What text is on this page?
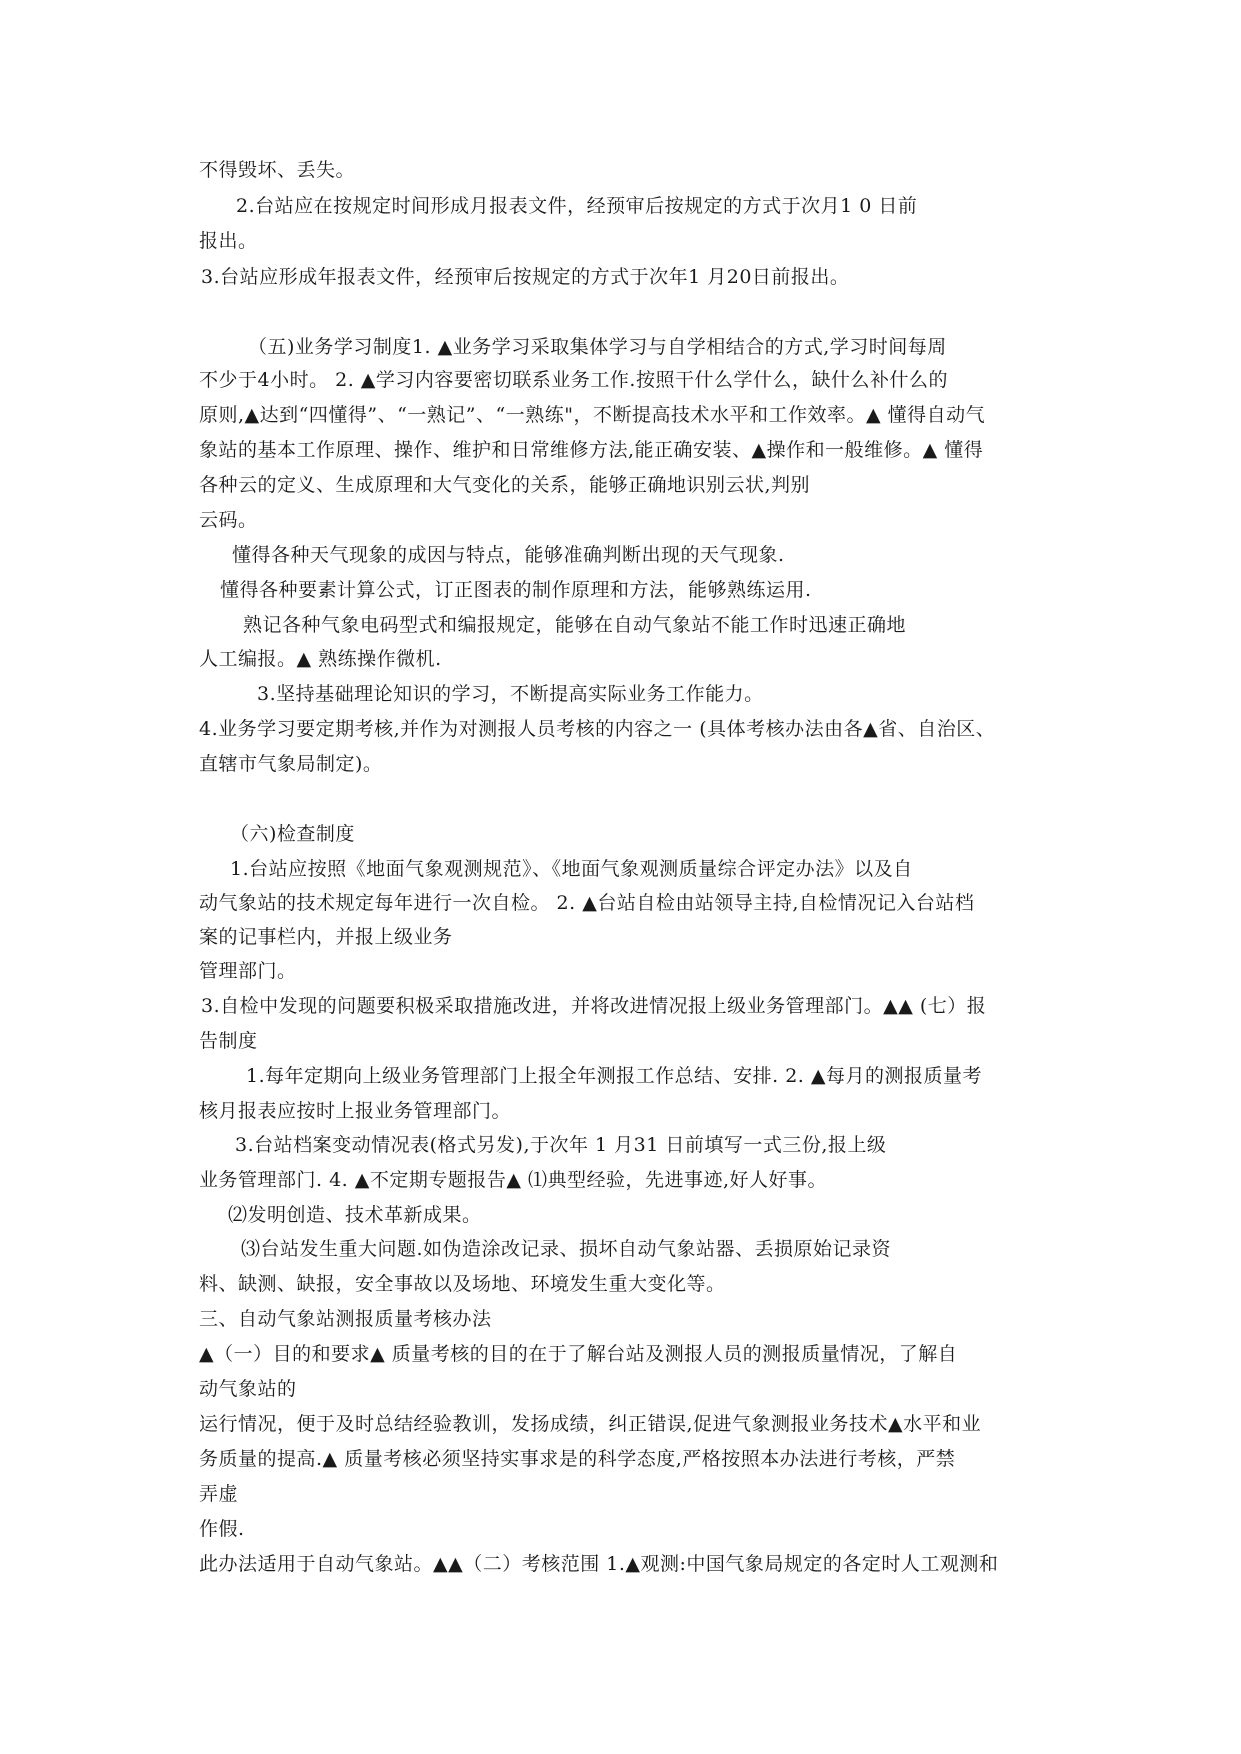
不得毁坏、丢失。
2.台站应在按规定时间形成月报表文件，经预审后按规定的方式于次月1 0 日前
报出。
3.台站应形成年报表文件，经预审后按规定的方式于次年1 月20日前报出。
（五)业务学习制度1. ▲业务学习采取集体学习与自学相结合的方式,学习时间每周
不少于4小时。 2. ▲学习内容要密切联系业务工作.按照干什么学什么，缺什么补什么的
原则,▲达到“四懂得”、“一熟记”、“一熟练"，不断提高技术水平和工作效率。▲ 懂得自动气
象站的基本工作原理、操作、维护和日常维修方法,能正确安装、▲操作和一般维修。▲ 懂得
各种云的定义、生成原理和大气变化的关系，能够正确地识别云状,判别
云码。
懂得各种天气现象的成因与特点，能够准确判断出现的天气现象.
懂得各种要素计算公式，订正图表的制作原理和方法，能够熟练运用.
熟记各种气象电码型式和编报规定，能够在自动气象站不能工作时迅速正确地
人工编报。▲ 熟练操作微机.
3.坚持基础理论知识的学习，不断提高实际业务工作能力。
4.业务学习要定期考核,并作为对测报人员考核的内容之一 (具体考核办法由各▲省、自治区、
直辖市气象局制定)。
（六)检查制度
1.台站应按照《地面气象观测规范》、《地面气象观测质量综合评定办法》以及自
动气象站的技术规定每年进行一次自检。 2. ▲台站自检由站领导主持,自检情况记入台站档
案的记事栏内，并报上级业务
管理部门。
3.自检中发现的问题要积极采取措施改进，并将改进情况报上级业务管理部门。▲▲ (七）报
告制度
1.每年定期向上级业务管理部门上报全年测报工作总结、安排. 2. ▲每月的测报质量考
核月报表应按时上报业务管理部门。
3.台站档案变动情况表(格式另发),于次年 1 月31 日前填写一式三份,报上级
业务管理部门. 4. ▲不定期专题报告▲ ⑴典型经验，先进事迹,好人好事。
⑵发明创造、技术革新成果。
⑶台站发生重大问题.如伪造涂改记录、损坏自动气象站器、丢损原始记录资
料、缺测、缺报，安全事故以及场地、环境发生重大变化等。
三、自动气象站测报质量考核办法
▲（一）目的和要求▲ 质量考核的目的在于了解台站及测报人员的测报质量情况，了解自
动气象站的
运行情况，便于及时总结经验教训，发扬成绩，纠正错误,促进气象测报业务技术▲水平和业
务质量的提高.▲ 质量考核必须坚持实事求是的科学态度,严格按照本办法进行考核，严禁
弄虚
作假.
此办法适用于自动气象站。▲▲（二）考核范围 1.▲观测:中国气象局规定的各定时人工观测和
